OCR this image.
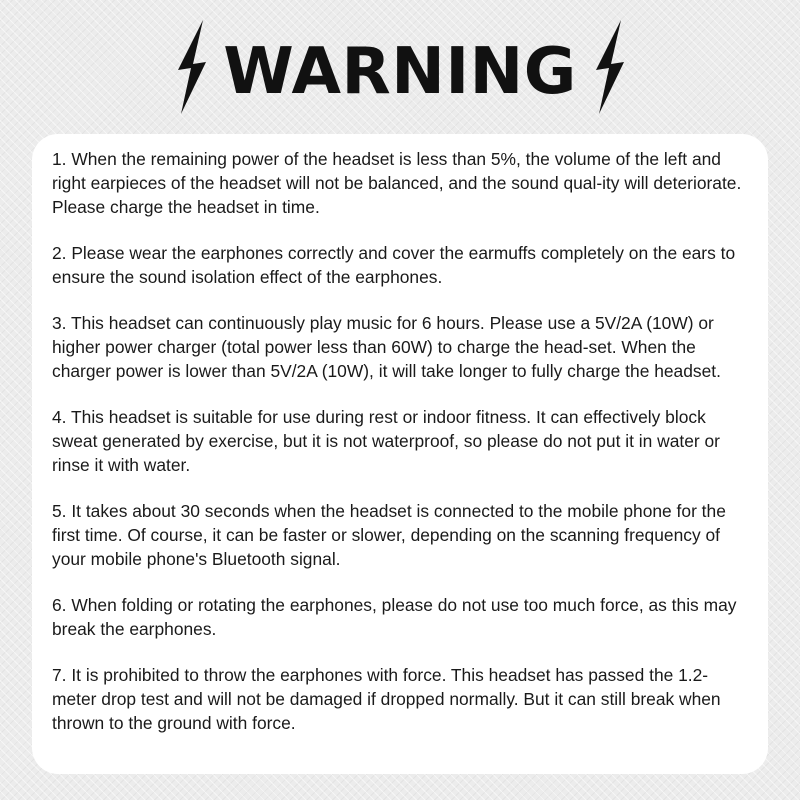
WARNING

1. When the remaining power of the headset is less than 5%, the volume of the left and right earpieces of the headset will not be balanced, and the sound qual-ity will deteriorate. Please charge the headset in time.

2. Please wear the earphones correctly and cover the earmuffs completely on the ears to ensure the sound isolation effect of the earphones.

3. This headset can continuously play music for 6 hours. Please use a 5V/2A (10W) or higher power charger (total power less than 60W) to charge the head-set. When the charger power is lower than 5V/2A (10W), it will take longer to fully charge the headset.

4. This headset is suitable for use during rest or indoor fitness. It can effectively block sweat generated by exercise, but it is not waterproof, so please do not put it in water or rinse it with water.

5. It takes about 30 seconds when the headset is connected to the mobile phone for the first time. Of course, it can be faster or slower, depending on the scanning frequency of your mobile phone's Bluetooth signal.

6. When folding or rotating the earphones, please do not use too much force, as this may break the earphones.

7. It is prohibited to throw the earphones with force. This headset has passed the 1.2-meter drop test and will not be damaged if dropped normally. But it can still break when thrown to the ground with force.
